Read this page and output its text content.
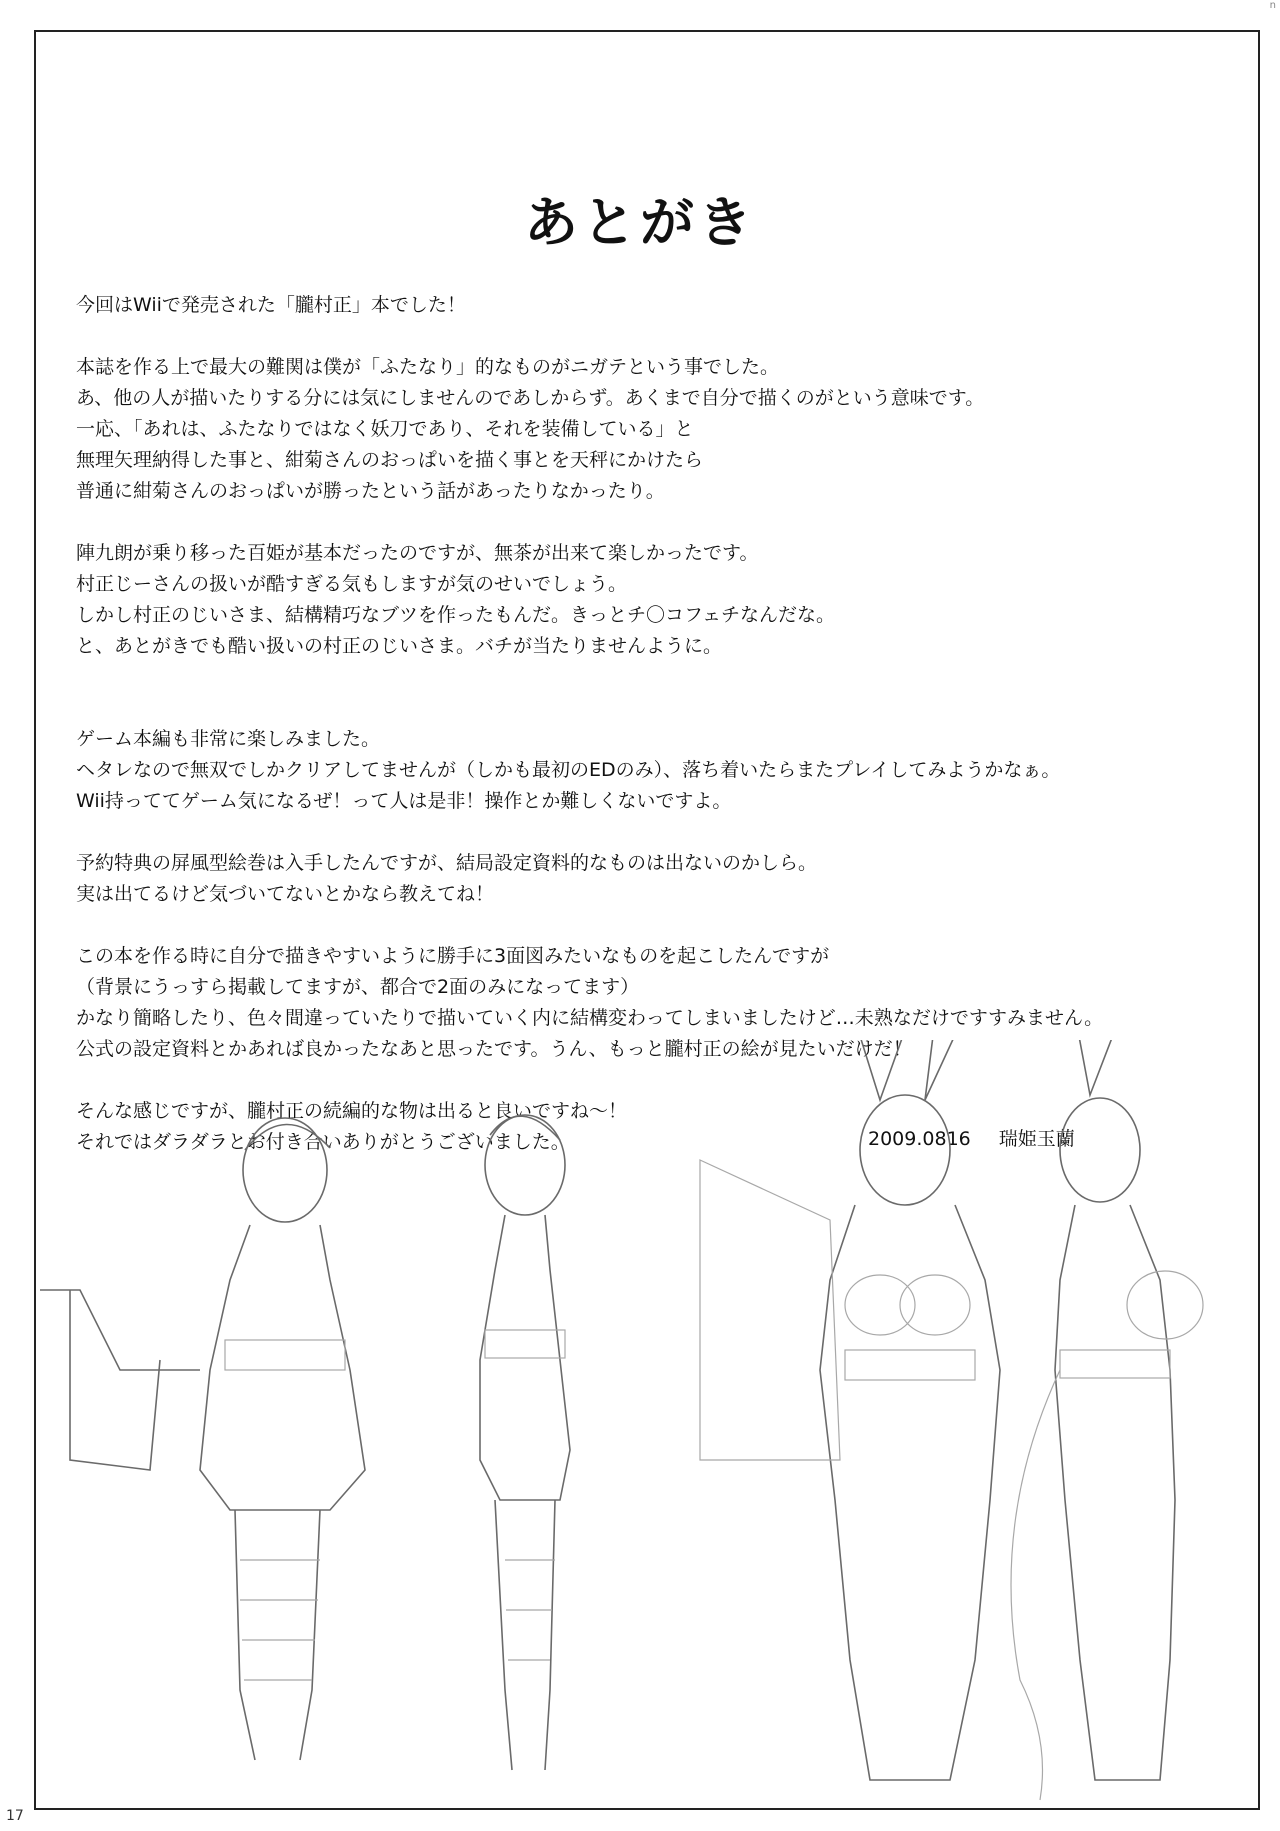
n
あとがき

今回はWiiで発売された「朧村正」本でした！

本誌を作る上で最大の難関は僕が「ふたなり」的なものがニガテという事でした。
あ、他の人が描いたりする分には気にしませんのであしからず。あくまで自分で描くのがという意味です。
一応、「あれは、ふたなりではなく妖刀であり、それを装備している」と
無理矢理納得した事と、紺菊さんのおっぱいを描く事とを天秤にかけたら
普通に紺菊さんのおっぱいが勝ったという話があったりなかったり。

陣九朗が乗り移った百姫が基本だったのですが、無茶が出来て楽しかったです。
村正じーさんの扱いが酷すぎる気もしますが気のせいでしょう。
しかし村正のじいさま、結構精巧なブツを作ったもんだ。きっとチ〇コフェチなんだな。
と、あとがきでも酷い扱いの村正のじいさま。バチが当たりませんように。

ゲーム本編も非常に楽しみました。
ヘタレなので無双でしかクリアしてませんが（しかも最初のEDのみ）、落ち着いたらまたプレイしてみようかなぁ。
Wii持っててゲーム気になるぜ！って人は是非！操作とか難しくないですよ。

予約特典の屏風型絵巻は入手したんですが、結局設定資料的なものは出ないのかしら。
実は出てるけど気づいてないとかなら教えてね！

この本を作る時に自分で描きやすいように勝手に3面図みたいなものを起こしたんですが
（背景にうっすら掲載してますが、都合で2面のみになってます）
かなり簡略したり、色々間違っていたりで描いていく内に結構変わってしまいましたけど…未熟なだけですすみません。
公式の設定資料とかあれば良かったなあと思ったです。うん、もっと朧村正の絵が見たいだけだ！

そんな感じですが、朧村正の続編的な物は出ると良いですね～！
それではダラダラとお付き合いありがとうございました。	2009.0816 瑞姫玉蘭

17
